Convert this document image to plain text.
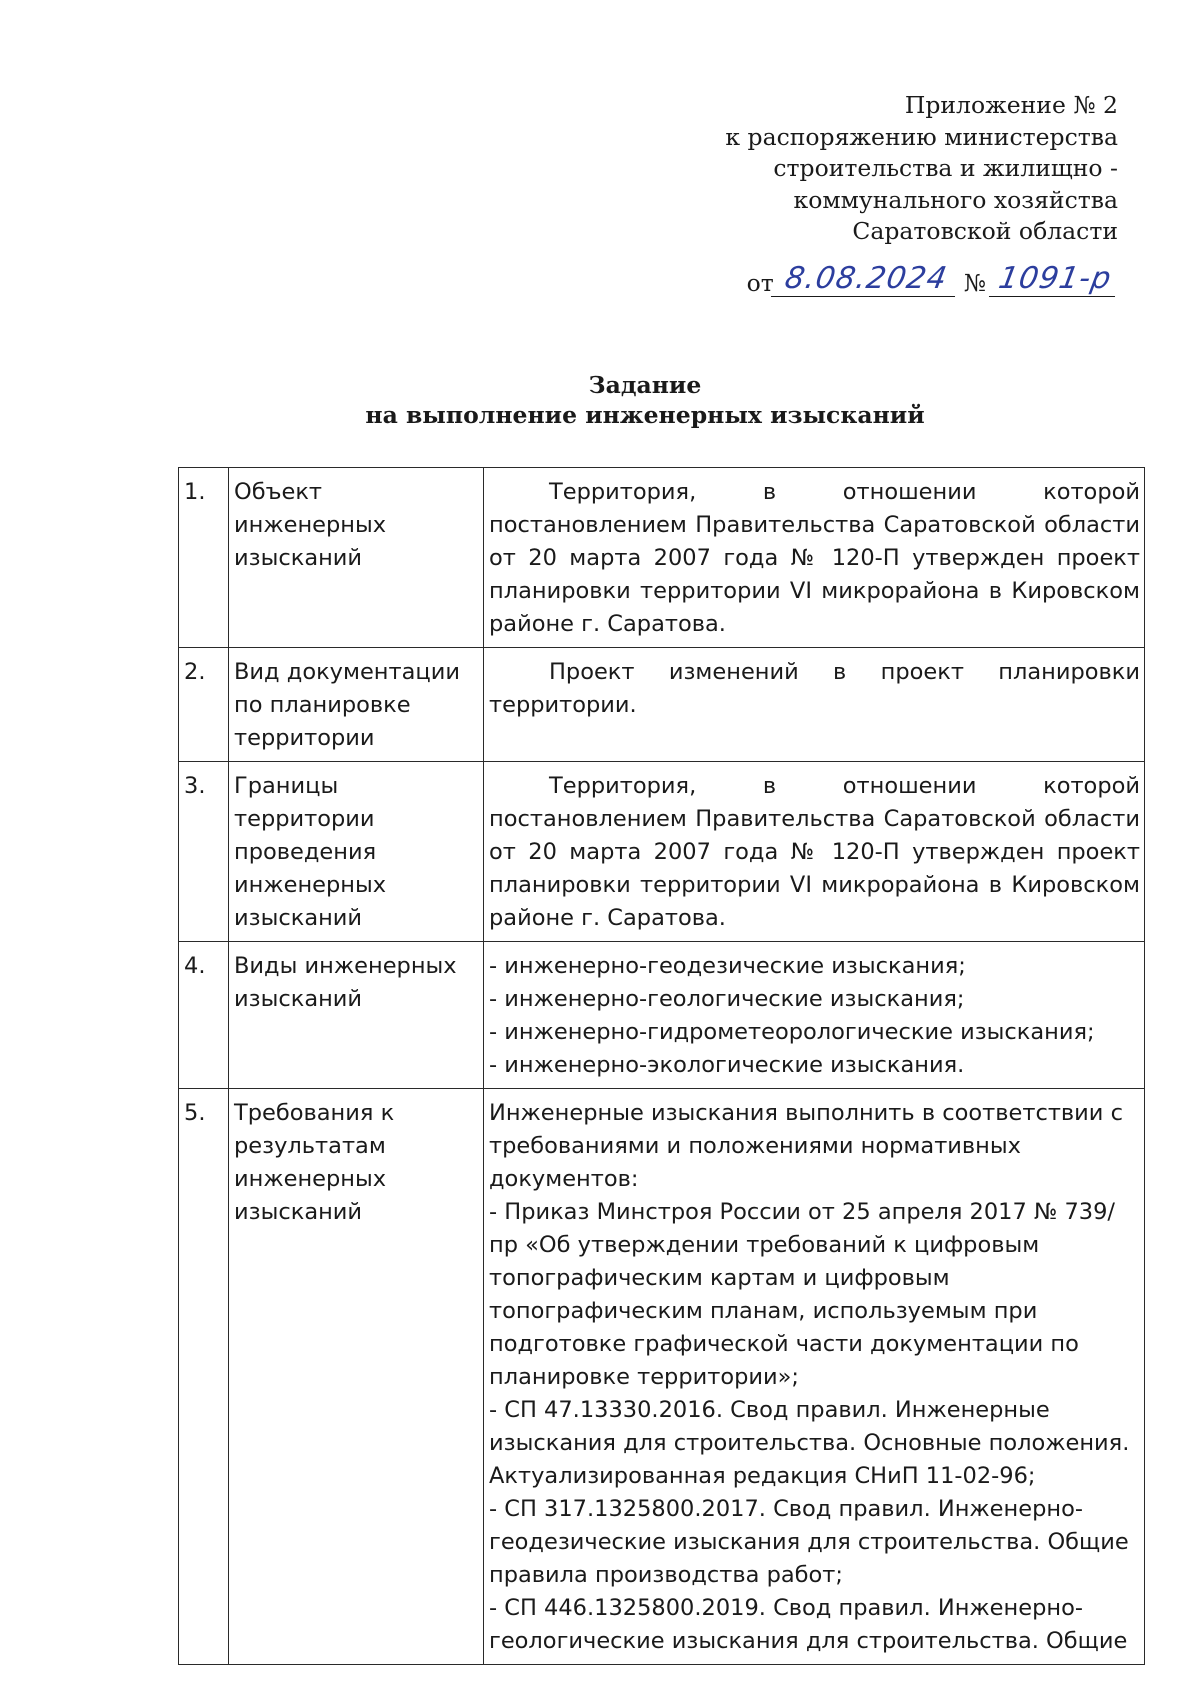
Приложение № 2
к распоряжению министерства
строительства и жилищно -
коммунального хозяйства
Саратовской области
от 8.08.2024 № 1091-р
Задание
на выполнение инженерных изысканий
1.	Объект инженерных изысканий	Территория, в отношении которой постановлением Правительства Саратовской области от 20 марта 2007 года № 120-П утвержден проект планировки территории VI микрорайона в Кировском районе г. Саратова.

2.	Вид документации по планировке территории	Проект изменений в проект планировки территории.

3.	Границы территории проведения инженерных изысканий	Территория, в отношении которой постановлением Правительства Саратовской области от 20 марта 2007 года № 120-П утвержден проект планировки территории VI микрорайона в Кировском районе г. Саратова.

4.	Виды инженерных изысканий	- инженерно-геодезические изыскания;
- инженерно-геологические изыскания;
- инженерно-гидрометеорологические изыскания;
- инженерно-экологические изыскания.

5.	Требования к результатам инженерных изысканий	Инженерные изыскания выполнить в соответствии с требованиями и положениями нормативных документов:
- Приказ Минстроя России от 25 апреля 2017 № 739/пр «Об утверждении требований к цифровым топографическим картам и цифровым топографическим планам, используемым при подготовке графической части документации по планировке территории»;
- СП 47.13330.2016. Свод правил. Инженерные изыскания для строительства. Основные положения. Актуализированная редакция СНиП 11-02-96;
- СП 317.1325800.2017. Свод правил. Инженерно-геодезические изыскания для строительства. Общие правила производства работ;
- СП 446.1325800.2019. Свод правил. Инженерно-геологические изыскания для строительства. Общие
